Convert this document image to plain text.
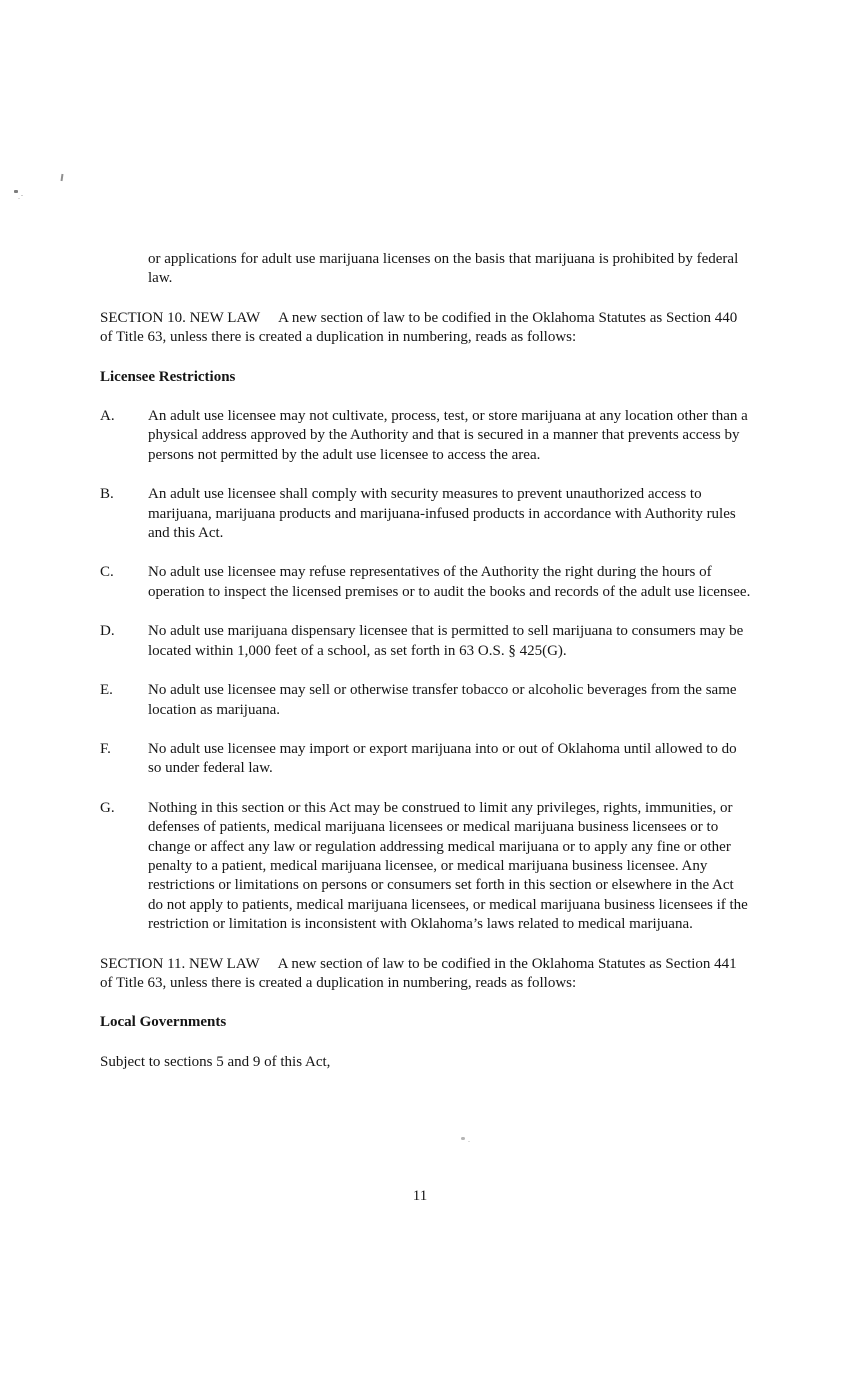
or applications for adult use marijuana licenses on the basis that marijuana is prohibited by federal law.

SECTION 10. NEW LAW A new section of law to be codified in the Oklahoma Statutes as Section 440 of Title 63, unless there is created a duplication in numbering, reads as follows:

Licensee Restrictions

A.	An adult use licensee may not cultivate, process, test, or store marijuana at any location other than a physical address approved by the Authority and that is secured in a manner that prevents access by persons not permitted by the adult use licensee to access the area.
B.	An adult use licensee shall comply with security measures to prevent unauthorized access to marijuana, marijuana products and marijuana-infused products in accordance with Authority rules and this Act.
C.	No adult use licensee may refuse representatives of the Authority the right during the hours of operation to inspect the licensed premises or to audit the books and records of the adult use licensee.
D.	No adult use marijuana dispensary licensee that is permitted to sell marijuana to consumers may be located within 1,000 feet of a school, as set forth in 63 O.S. § 425(G).
E.	No adult use licensee may sell or otherwise transfer tobacco or alcoholic beverages from the same location as marijuana.
F.	No adult use licensee may import or export marijuana into or out of Oklahoma until allowed to do so under federal law.
G.	Nothing in this section or this Act may be construed to limit any privileges, rights, immunities, or defenses of patients, medical marijuana licensees or medical marijuana business licensees or to change or affect any law or regulation addressing medical marijuana or to apply any fine or other penalty to a patient, medical marijuana licensee, or medical marijuana business licensee. Any restrictions or limitations on persons or consumers set forth in this section or elsewhere in the Act do not apply to patients, medical marijuana licensees, or medical marijuana business licensees if the restriction or limitation is inconsistent with Oklahoma’s laws related to medical marijuana.

SECTION 11. NEW LAW A new section of law to be codified in the Oklahoma Statutes as Section 441 of Title 63, unless there is created a duplication in numbering, reads as follows:

Local Governments

Subject to sections 5 and 9 of this Act,

11
